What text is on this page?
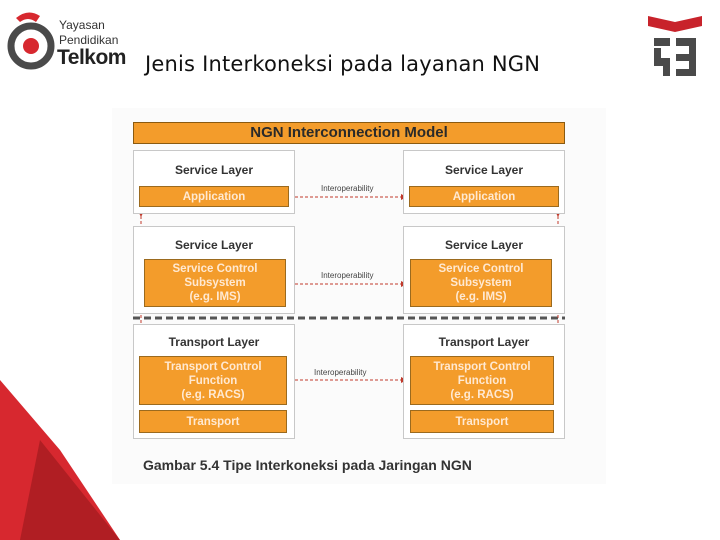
Yayasan
Pendidikan
Telkom Jenis Interkoneksi pada layanan NGN
NGN Interconnection Model
Service Layer
Application
Service Layer
Service Control
Subsystem
(e.g. IMS)
Transport Layer
Transport Control
Function
(e.g. RACS)
Transport
Service Layer
Application
Service Layer
Service Control
Subsystem
(e.g. IMS)
Transport Layer
Transport Control
Function
(e.g. RACS)
Transport
Interoperability
Interoperability
Interoperability
Gambar 5.4 Tipe Interkoneksi pada Jaringan NGN
